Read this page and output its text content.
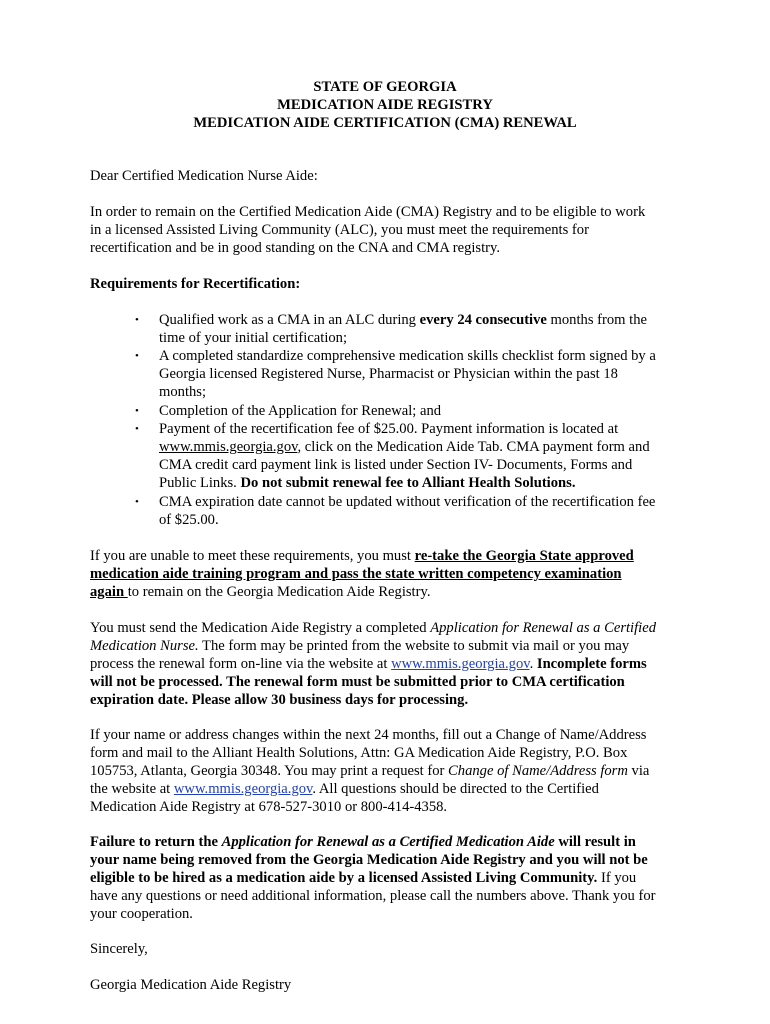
STATE OF GEORGIA
MEDICATION AIDE REGISTRY
MEDICATION AIDE CERTIFICATION (CMA) RENEWAL
Dear Certified Medication Nurse Aide:
In order to remain on the Certified Medication Aide (CMA) Registry and to be eligible to work
in a licensed Assisted Living Community (ALC), you must meet the requirements for
recertification and be in good standing on the CNA and CMA registry.
Requirements for Recertification:
• Qualified work as a CMA in an ALC during every 24 consecutive months from the
time of your initial certification;
• A completed standardize comprehensive medication skills checklist form signed by a
Georgia licensed Registered Nurse, Pharmacist or Physician within the past 18
months;
• Completion of the Application for Renewal; and
• Payment of the recertification fee of $25.00. Payment information is located at
www.mmis.georgia.gov, click on the Medication Aide Tab. CMA payment form and
CMA credit card payment link is listed under Section IV- Documents, Forms and
Public Links. Do not submit renewal fee to Alliant Health Solutions.
• CMA expiration date cannot be updated without verification of the recertification fee
of $25.00.
If you are unable to meet these requirements, you must re-take the Georgia State approved
medication aide training program and pass the state written competency examination
again to remain on the Georgia Medication Aide Registry.
You must send the Medication Aide Registry a completed Application for Renewal as a Certified
Medication Nurse. The form may be printed from the website to submit via mail or you may
process the renewal form on-line via the website at www.mmis.georgia.gov. Incomplete forms
will not be processed. The renewal form must be submitted prior to CMA certification
expiration date. Please allow 30 business days for processing.
If your name or address changes within the next 24 months, fill out a Change of Name/Address
form and mail to the Alliant Health Solutions, Attn: GA Medication Aide Registry, P.O. Box
105753, Atlanta, Georgia 30348. You may print a request for Change of Name/Address form via
the website at www.mmis.georgia.gov. All questions should be directed to the Certified
Medication Aide Registry at 678-527-3010 or 800-414-4358.
Failure to return the Application for Renewal as a Certified Medication Aide will result in
your name being removed from the Georgia Medication Aide Registry and you will not be
eligible to be hired as a medication aide by a licensed Assisted Living Community. If you
have any questions or need additional information, please call the numbers above. Thank you for
your cooperation.
Sincerely,
Georgia Medication Aide Registry
